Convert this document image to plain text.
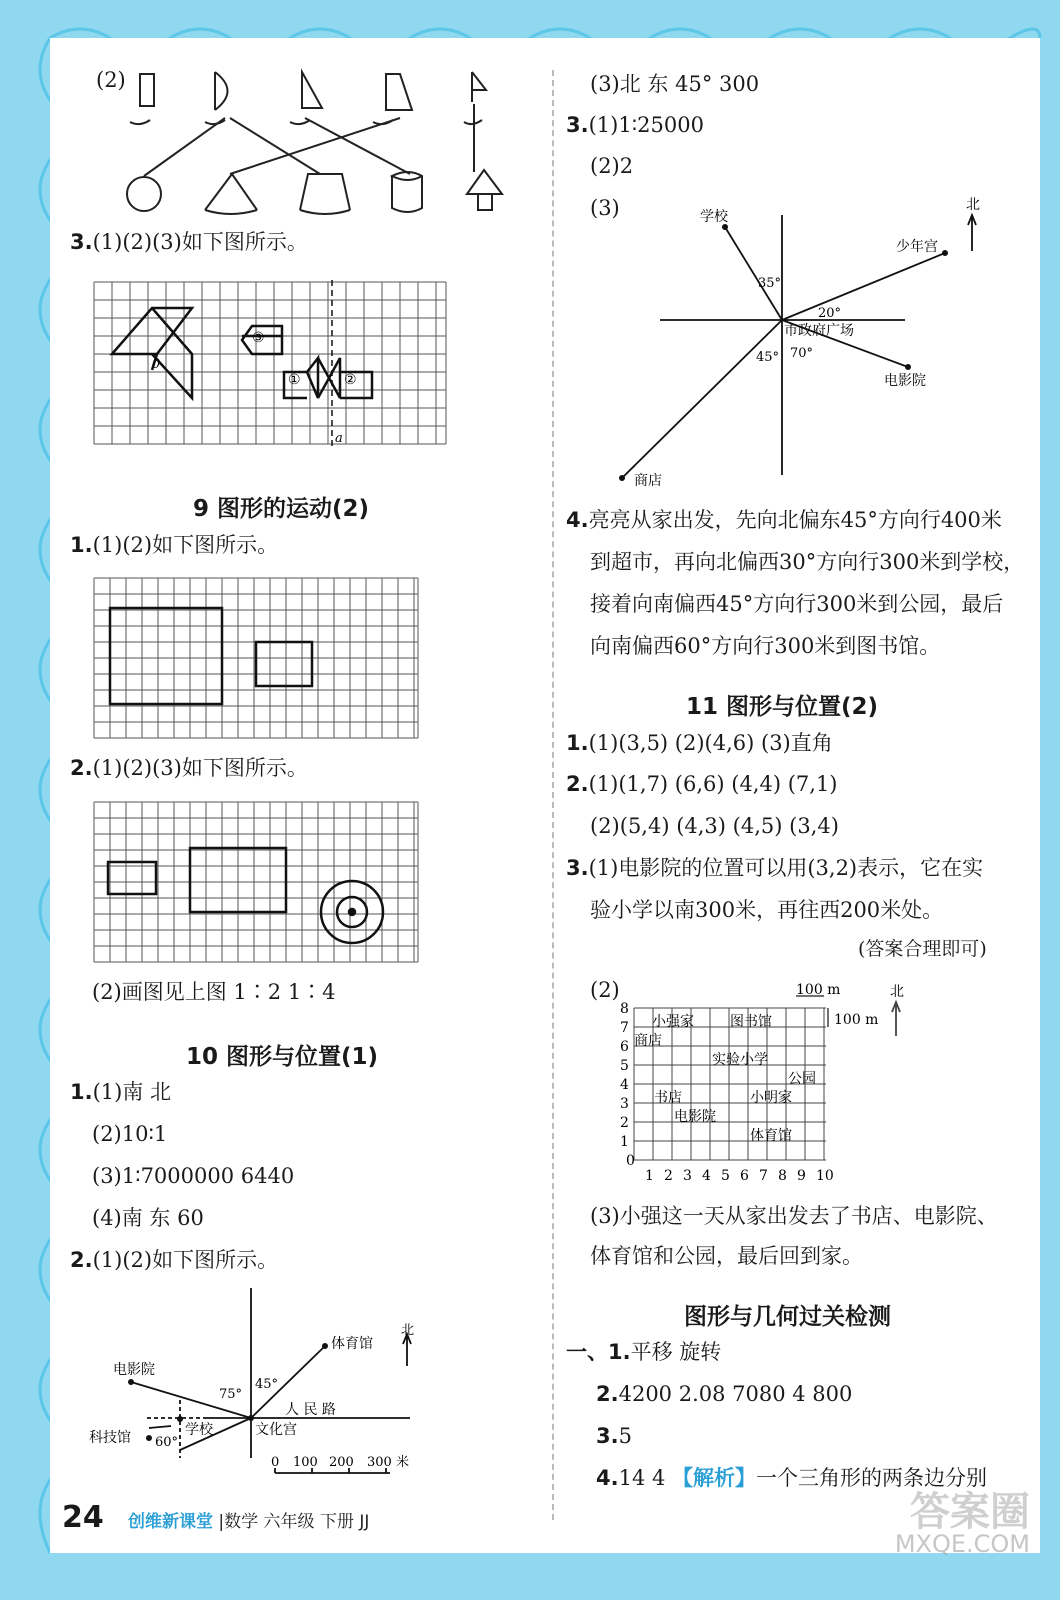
(2)
3.(1)(2)(3)如下图所示。
③
①	②
0
a
9 图形的运动(2)
1.(1)(2)如下图所示。
2.(1)(2)(3)如下图所示。
(2)画图见上图 1∶2 1∶4
10 图形与位置(1)
1.(1)南 北
(2)10∶1
(3)1∶7000000 6440
(4)南 东 60
2.(1)(2)如下图所示。
北
电影院
体育馆
学校	文化宫
科技馆
人 民 路
75°
45°
60°
0 100 200 300 米
(3)北 东 45° 300
3.(1)1∶25000
(2)2
(3)	北
学校
少年宫
市政府广场
电影院
商店
35°
20°
45° 70°
4.亮亮从家出发，先向北偏东45°方向行400米
到超市，再向北偏西30°方向行300米到学校，
接着向南偏西45°方向行300米到公园，最后
向南偏西60°方向行300米到图书馆。
11 图形与位置(2)
1.(1)(3,5) (2)(4,6) (3)直角
2.(1)(1,7) (6,6) (4,4) (7,1)
(2)(5,4) (4,3) (4,5) (3,4)
3.(1)电影院的位置可以用(3,2)表示，它在实
验小学以南300米，再往西200米处。
(答案合理即可)
(2)
0
1 2 3 4 5 6 7 8 9 10
1
2
3
4
5
6
7
8
小强家	图书馆
商店
实验小学
公园
书店	小明家
电影院
体育馆
100 m
100 m
北
(3)小强这一天从家出发去了书店、电影院、
体育馆和公园，最后回到家。
图形与几何过关检测
一、1.平移 旋转
2.4200 2.08 7080 4 800
3.5
4.14 4 【解析】一个三角形的两条边分别
24 创维新课堂 |数学 六年级 下册 JJ	答案圈
MXQE.COM
